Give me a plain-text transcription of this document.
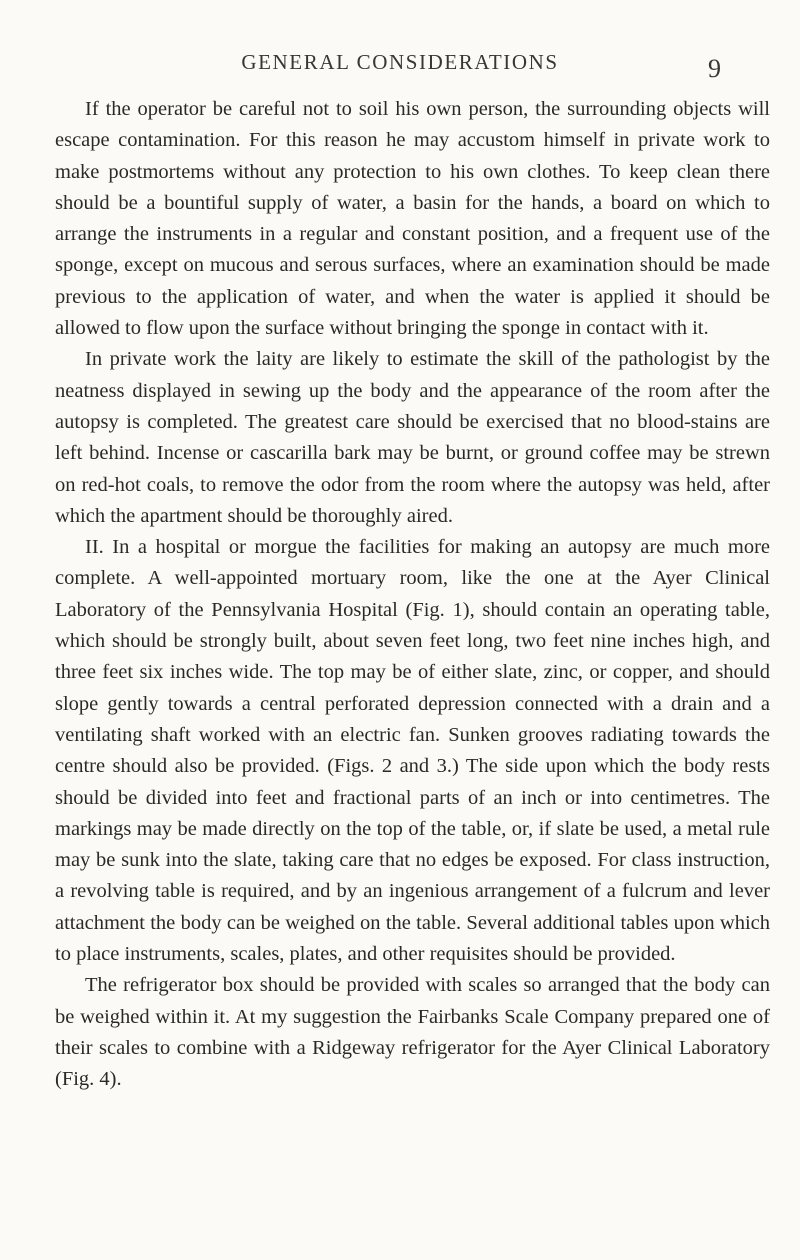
GENERAL CONSIDERATIONS	9

If the operator be careful not to soil his own person, the surrounding objects will escape contamination. For this reason he may accustom himself in private work to make postmortems without any protection to his own clothes. To keep clean there should be a bountiful supply of water, a basin for the hands, a board on which to arrange the instruments in a regular and constant position, and a frequent use of the sponge, except on mucous and serous surfaces, where an examination should be made previous to the application of water, and when the water is applied it should be allowed to flow upon the surface without bringing the sponge in contact with it.

In private work the laity are likely to estimate the skill of the pathologist by the neatness displayed in sewing up the body and the appearance of the room after the autopsy is completed. The greatest care should be exercised that no blood-stains are left behind. Incense or cascarilla bark may be burnt, or ground coffee may be strewn on red-hot coals, to remove the odor from the room where the autopsy was held, after which the apartment should be thoroughly aired.

II. In a hospital or morgue the facilities for making an autopsy are much more complete. A well-appointed mortuary room, like the one at the Ayer Clinical Laboratory of the Pennsylvania Hospital (Fig. 1), should contain an operating table, which should be strongly built, about seven feet long, two feet nine inches high, and three feet six inches wide. The top may be of either slate, zinc, or copper, and should slope gently towards a central perforated depression connected with a drain and a ventilating shaft worked with an electric fan. Sunken grooves radiating towards the centre should also be provided. (Figs. 2 and 3.) The side upon which the body rests should be divided into feet and fractional parts of an inch or into centimetres. The markings may be made directly on the top of the table, or, if slate be used, a metal rule may be sunk into the slate, taking care that no edges be exposed. For class instruction, a revolving table is required, and by an ingenious arrangement of a fulcrum and lever attachment the body can be weighed on the table. Several additional tables upon which to place instruments, scales, plates, and other requisites should be provided.

The refrigerator box should be provided with scales so arranged that the body can be weighed within it. At my suggestion the Fairbanks Scale Company prepared one of their scales to combine with a Ridgeway refrigerator for the Ayer Clinical Laboratory (Fig. 4).
